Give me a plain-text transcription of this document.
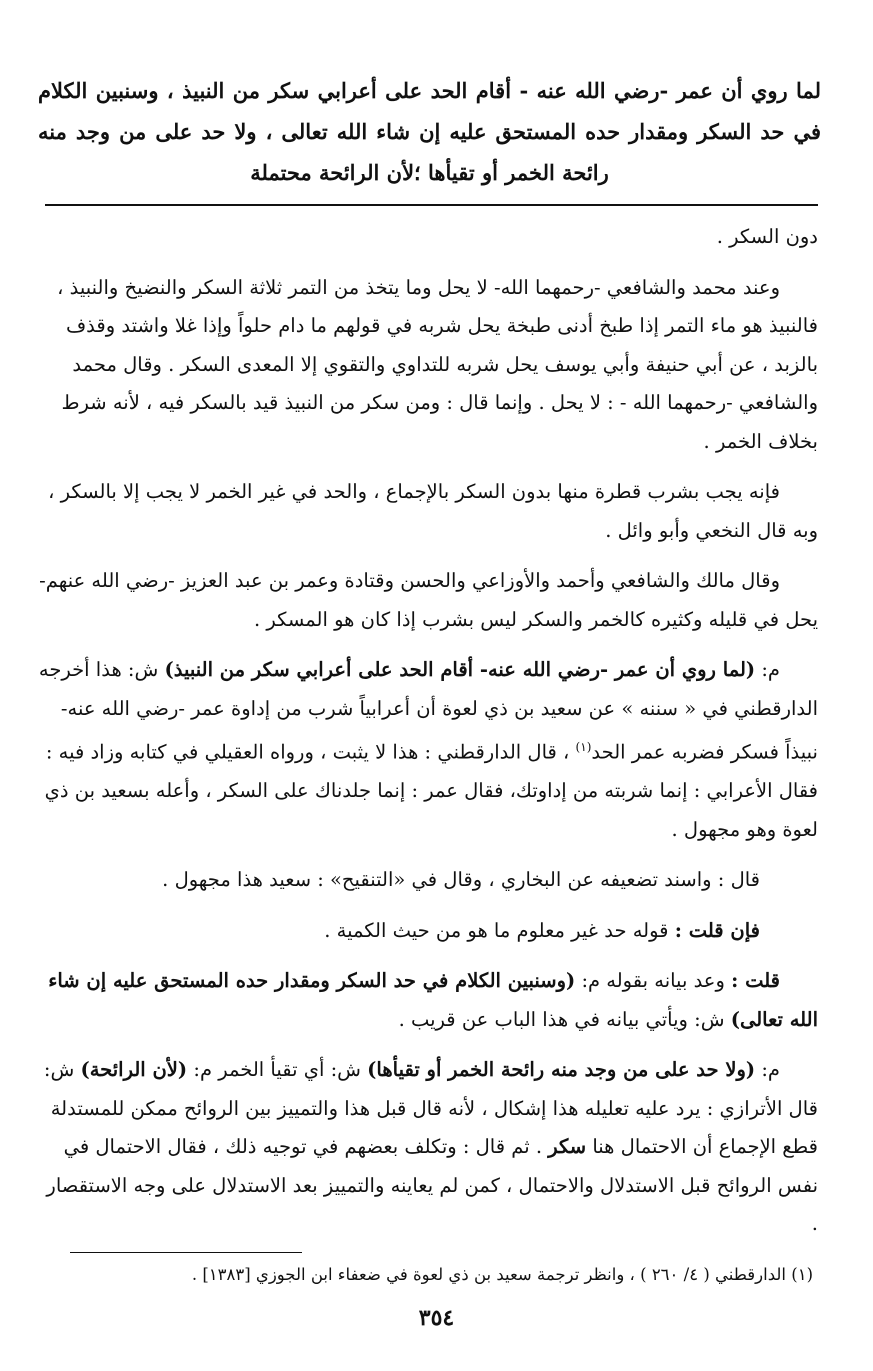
لما روي أن عمر -رضي الله عنه - أقام الحد على أعرابي سكر من النبيذ ، وسنبين الكلام في حد السكر ومقدار حده المستحق عليه إن شاء الله تعالى ، ولا حد على من وجد منه رائحة الخمر أو تقيأها ؛لأن الرائحة محتملة

دون السكر .

وعند محمد والشافعي -رحمهما الله- لا يحل وما يتخذ من التمر ثلاثة السكر والنضيخ والنبيذ ، فالنبيذ هو ماء التمر إذا طبخ أدنى طبخة يحل شربه في قولهم ما دام حلواً وإذا غلا واشتد وقذف بالزبد ، عن أبي حنيفة وأبي يوسف يحل شربه للتداوي والتقوي إلا المعدى السكر . وقال محمد والشافعي -رحمهما الله - : لا يحل . وإنما قال : ومن سكر من النبيذ قيد بالسكر فيه ، لأنه شرط بخلاف الخمر .

فإنه يجب بشرب قطرة منها بدون السكر بالإجماع ، والحد في غير الخمر لا يجب إلا بالسكر ، وبه قال النخعي وأبو وائل .

وقال مالك والشافعي وأحمد والأوزاعي والحسن وقتادة وعمر بن عبد العزيز -رضي الله عنهم- يحل في قليله وكثيره كالخمر والسكر ليس بشرب إذا كان هو المسكر .

م: (لما روي أن عمر -رضي الله عنه- أقام الحد على أعرابي سكر من النبيذ) ش: هذا أخرجه الدارقطني في « سننه » عن سعيد بن ذي لعوة أن أعرابياً شرب من إداوة عمر -رضي الله عنه- نبيذاً فسكر فضربه عمر الحد$^{(١)}$ ، قال الدارقطني : هذا لا يثبت ، ورواه العقيلي في كتابه وزاد فيه : فقال الأعرابي : إنما شربته من إداوتك، فقال عمر : إنما جلدناك على السكر ، وأعله بسعيد بن ذي لعوة وهو مجهول .

قال : واسند تضعيفه عن البخاري ، وقال في «التنقيح» : سعيد هذا مجهول .

فإن قلت : قوله حد غير معلوم ما هو من حيث الكمية .

قلت : وعد بيانه بقوله م: (وسنبين الكلام في حد السكر ومقدار حده المستحق عليه إن شاء الله تعالى) ش: ويأتي بيانه في هذا الباب عن قريب .

م: (ولا حد على من وجد منه رائحة الخمر أو تقيأها) ش: أي تقيأ الخمر م: (لأن الرائحة) ش: قال الأترازي : يرد عليه تعليله هذا إشكال ، لأنه قال قبل هذا والتمييز بين الروائح ممكن للمستدلة قطع الإجماع أن الاحتمال هنا سكر . ثم قال : وتكلف بعضهم في توجيه ذلك ، فقال الاحتمال في نفس الروائح قبل الاستدلال والاحتمال ، كمن لم يعاينه والتمييز بعد الاستدلال على وجه الاستقصار .

(١) الدارقطني ( ٤/ ٢٦٠ ) ، وانظر ترجمة سعيد بن ذي لعوة في ضعفاء ابن الجوزي [١٣٨٣] .
٣٥٤
